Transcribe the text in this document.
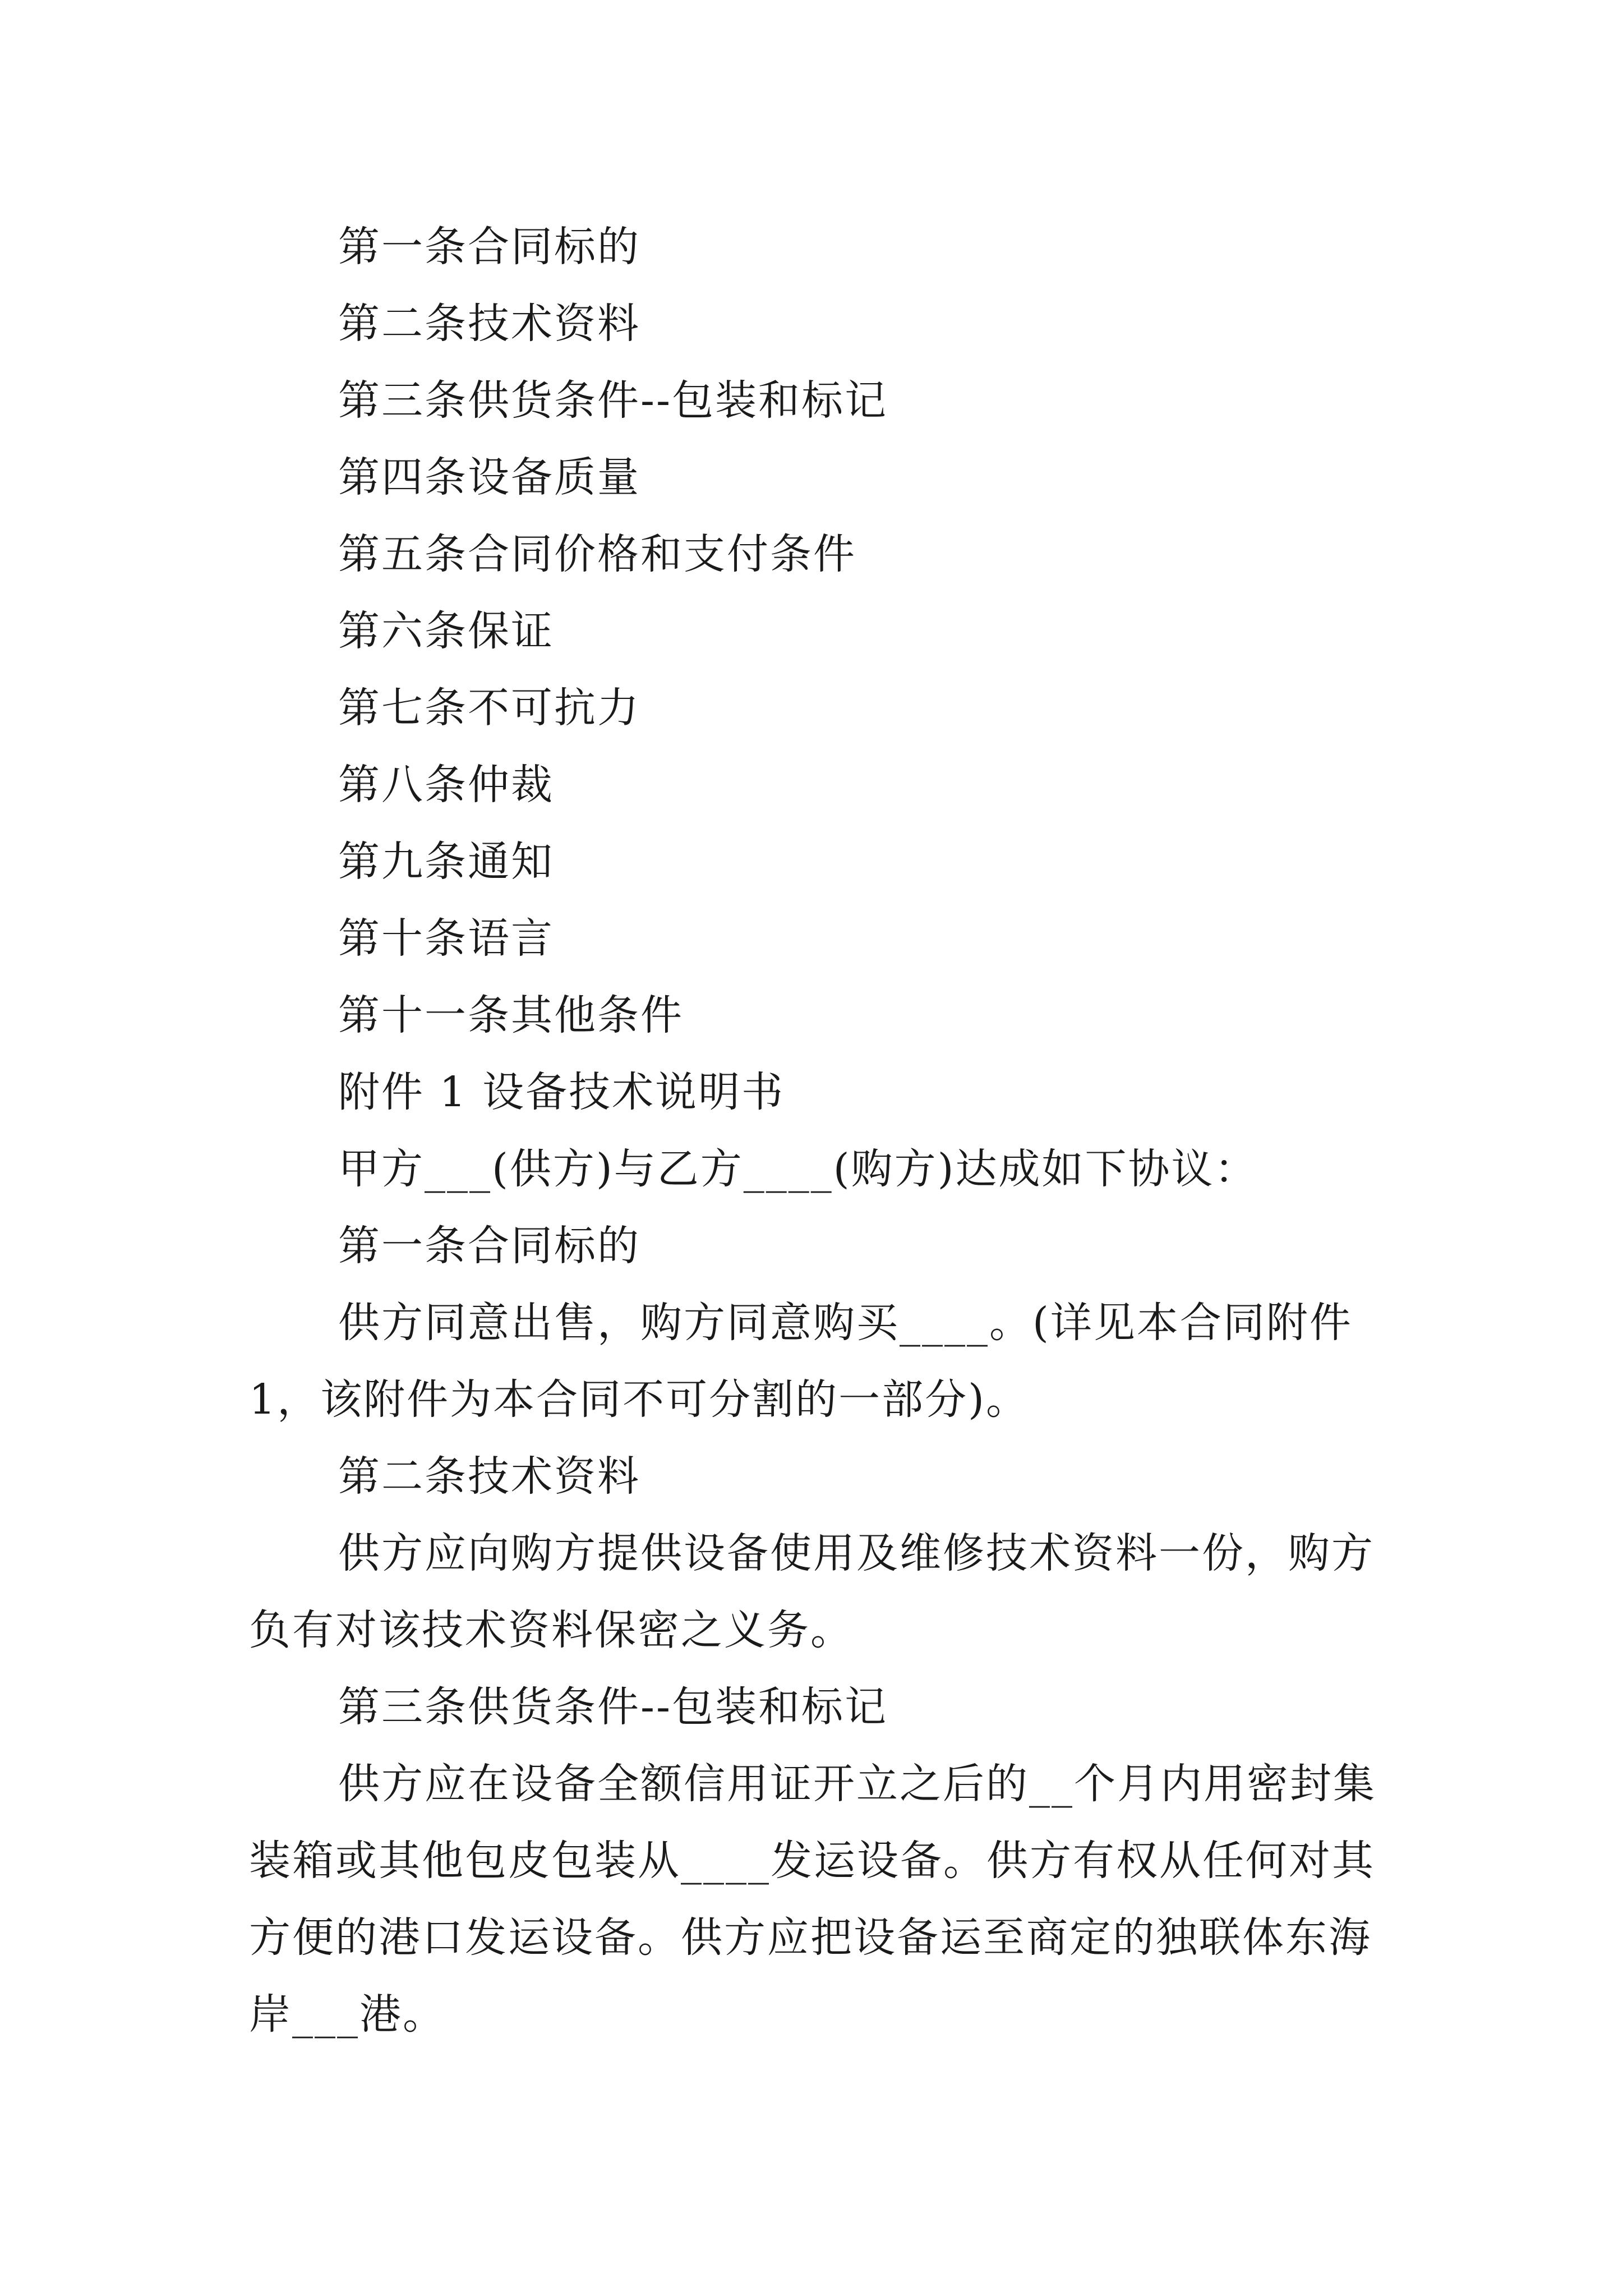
第一条合同标的

第二条技术资料

第三条供货条件--包装和标记

第四条设备质量

第五条合同价格和支付条件

第六条保证

第七条不可抗力

第八条仲裁

第九条通知

第十条语言

第十一条其他条件

附件 1 设备技术说明书

甲方___(供方)与乙方____(购方)达成如下协议：

第一条合同标的

供方同意出售，购方同意购买____。(详见本合同附件

1，该附件为本合同不可分割的一部分)。

第二条技术资料

供方应向购方提供设备使用及维修技术资料一份，购方

负有对该技术资料保密之义务。

第三条供货条件--包装和标记

供方应在设备全额信用证开立之后的__个月内用密封集

装箱或其他包皮包装从____发运设备。供方有权从任何对其

方便的港口发运设备。供方应把设备运至商定的独联体东海

岸___港。
